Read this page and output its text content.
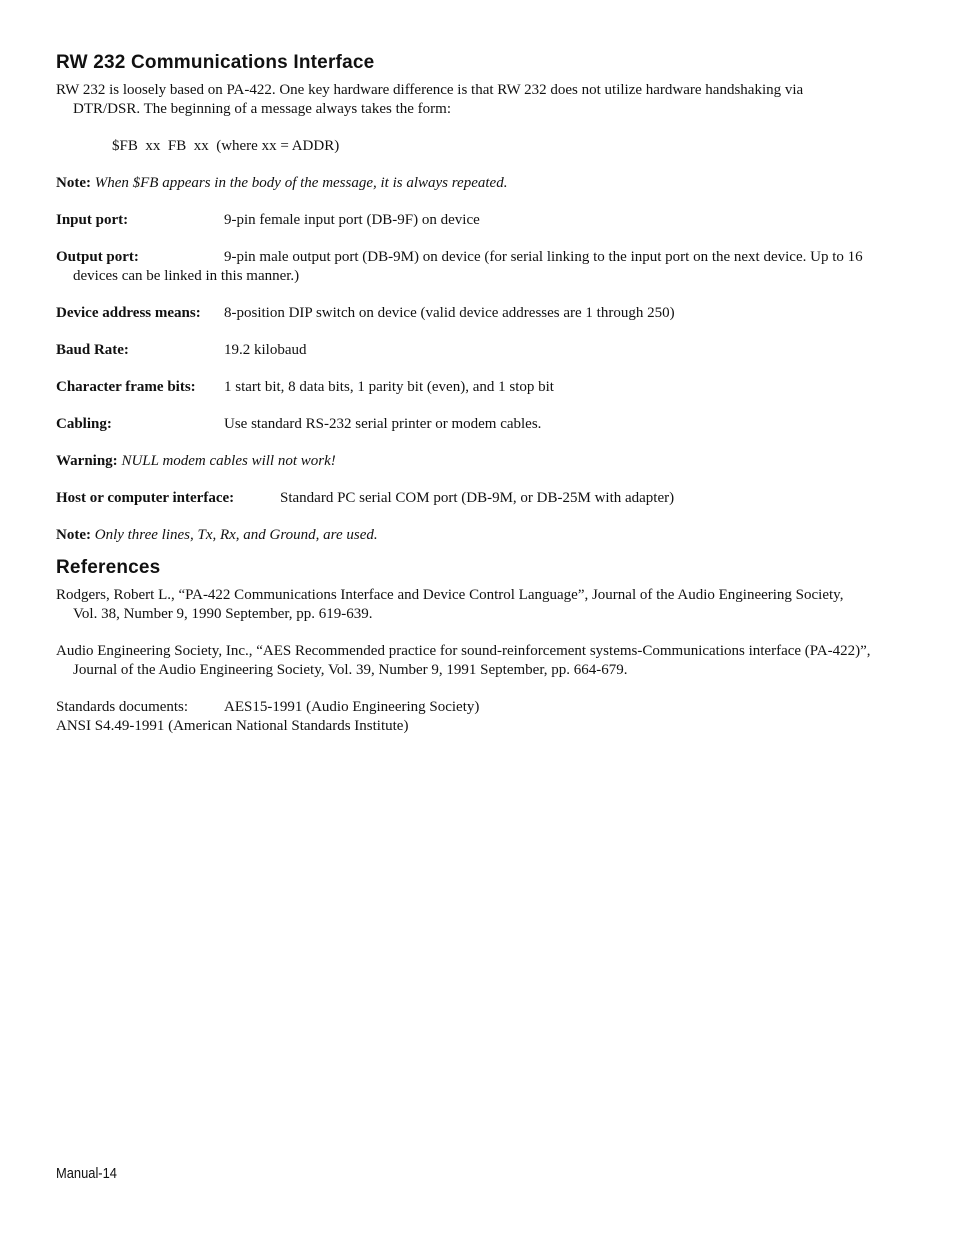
RW 232 Communications Interface

RW 232 is loosely based on PA-422. One key hardware difference is that RW 232 does not utilize hardware handshaking via DTR/DSR. The beginning of a message always takes the form:

$FB  xx  FB  xx  (where xx = ADDR)

Note: When $FB appears in the body of the message, it is always repeated.

Input port:	9-pin female input port (DB-9F) on device

Output port:	9-pin male output port (DB-9M) on device (for serial linking to the input port on the next device. Up to 16 devices can be linked in this manner.)

Device address means: 8-position DIP switch on device (valid device addresses are 1 through 250)

Baud Rate:	19.2 kilobaud

Character frame bits: 1 start bit, 8 data bits, 1 parity bit (even), and 1 stop bit

Cabling:	Use standard RS-232 serial printer or modem cables.

Warning: NULL modem cables will not work!

Host or computer interface:	Standard PC serial COM port (DB-9M, or DB-25M with adapter)

Note: Only three lines, Tx, Rx, and Ground, are used.

References

Rodgers, Robert L., “PA-422 Communications Interface and Device Control Language”, Journal of the Audio Engineering Society, Vol. 38, Number 9, 1990 September, pp. 619-639.

Audio Engineering Society, Inc., “AES Recommended practice for sound-reinforcement systems-Communications interface (PA-422)”, Journal of the Audio Engineering Society, Vol. 39, Number 9, 1991 September, pp. 664-679.

Standards documents: AES15-1991 (Audio Engineering Society)

ANSI S4.49-1991 (American National Standards Institute)

Manual-14
